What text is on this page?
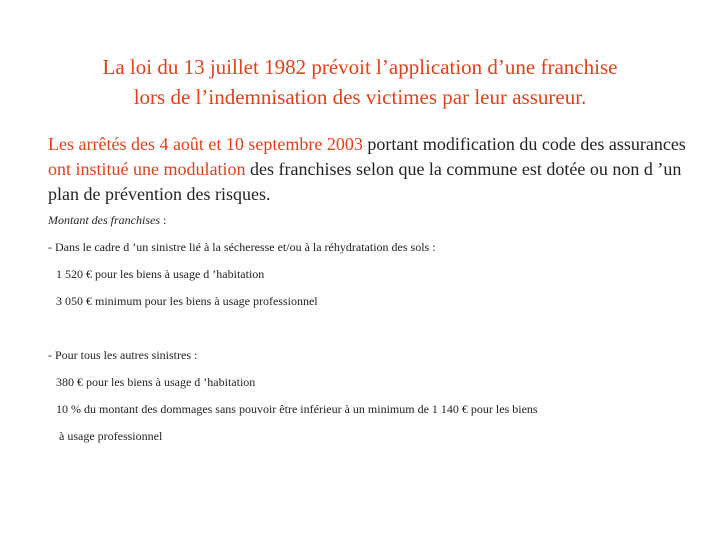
La loi du 13 juillet 1982 prévoit l’application d’une franchise
lors de l’indemnisation des victimes par leur assureur.
Les arrêtés des 4 août et 10 septembre 2003 portant modification du code des assurances ont institué une modulation des franchises selon que la commune est dotée ou non d ’un plan de prévention des risques.
Montant des franchises :
- Dans le cadre d ’un sinistre lié à la sécheresse et/ou à la réhydratation des sols :
1 520 € pour les biens à usage d ’habitation
3 050 € minimum pour les biens à usage professionnel
- Pour tous les autres sinistres :
380 € pour les biens à usage d ’habitation
10 % du montant des dommages sans pouvoir être inférieur à un minimum de 1 140 € pour les biens
à usage professionnel
